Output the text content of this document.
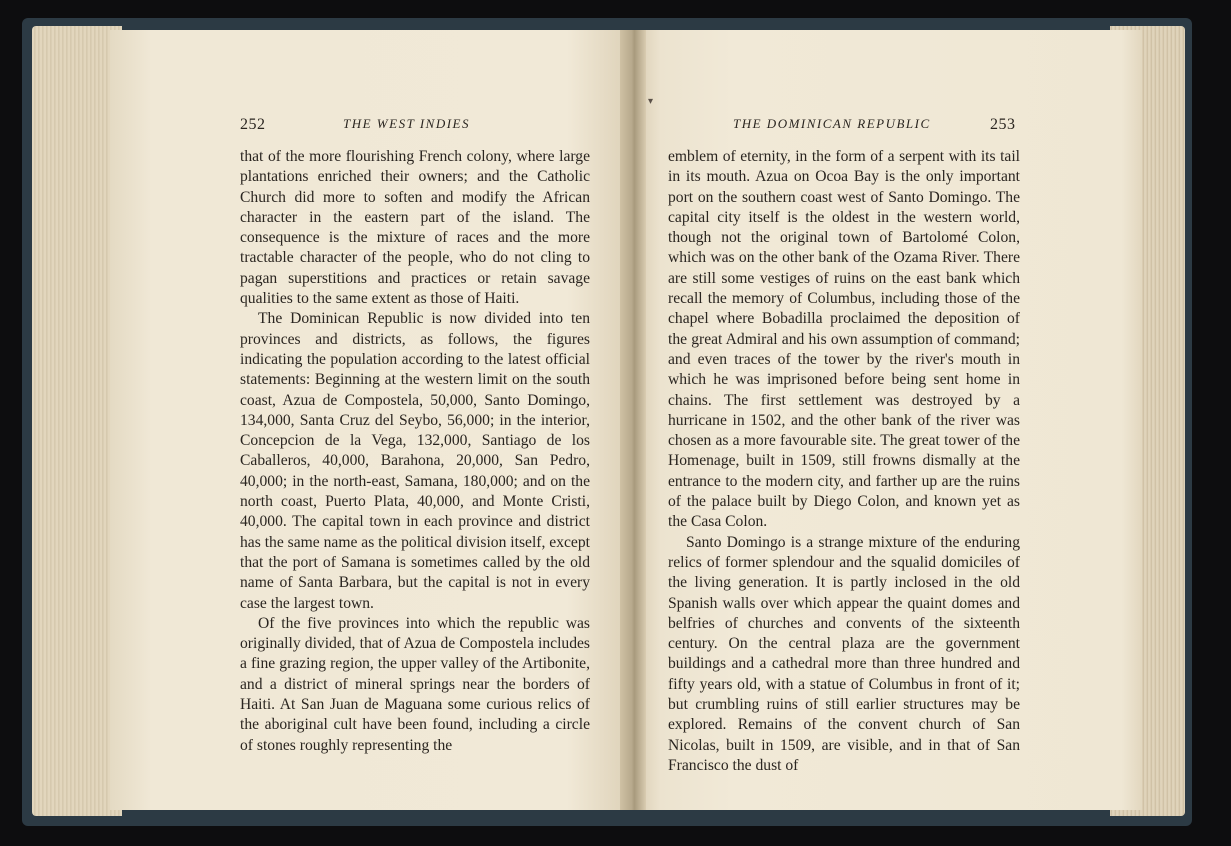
252	THE WEST INDIES	THE DOMINICAN REPUBLIC	253
▾

that of the more flourishing French colony, where large plantations enriched their owners; and the Catholic Church did more to soften and modify the African character in the eastern part of the island. The consequence is the mixture of races and the more tractable character of the people, who do not cling to pagan superstitions and practices or retain savage qualities to the same extent as those of Haiti.

The Dominican Republic is now divided into ten provinces and districts, as follows, the figures indicating the population according to the latest official statements: Beginning at the western limit on the south coast, Azua de Compostela, 50,000, Santo Domingo, 134,000, Santa Cruz del Seybo, 56,000; in the interior, Concepcion de la Vega, 132,000, Santiago de los Caballeros, 40,000, Barahona, 20,000, San Pedro, 40,000; in the north-east, Samana, 180,000; and on the north coast, Puerto Plata, 40,000, and Monte Cristi, 40,000. The capital town in each province and district has the same name as the political division itself, except that the port of Samana is sometimes called by the old name of Santa Barbara, but the capital is not in every case the largest town.

Of the five provinces into which the republic was originally divided, that of Azua de Compostela includes a fine grazing region, the upper valley of the Artibonite, and a district of mineral springs near the borders of Haiti. At San Juan de Maguana some curious relics of the aboriginal cult have been found, including a circle of stones roughly representing the

emblem of eternity, in the form of a serpent with its tail in its mouth. Azua on Ocoa Bay is the only important port on the southern coast west of Santo Domingo. The capital city itself is the oldest in the western world, though not the original town of Bartolomé Colon, which was on the other bank of the Ozama River. There are still some vestiges of ruins on the east bank which recall the memory of Columbus, including those of the chapel where Bobadilla proclaimed the deposition of the great Admiral and his own assumption of command; and even traces of the tower by the river's mouth in which he was imprisoned before being sent home in chains. The first settlement was destroyed by a hurricane in 1502, and the other bank of the river was chosen as a more favourable site. The great tower of the Homenage, built in 1509, still frowns dismally at the entrance to the modern city, and farther up are the ruins of the palace built by Diego Colon, and known yet as the Casa Colon.

Santo Domingo is a strange mixture of the enduring relics of former splendour and the squalid domiciles of the living generation. It is partly inclosed in the old Spanish walls over which appear the quaint domes and belfries of churches and convents of the sixteenth century. On the central plaza are the government buildings and a cathedral more than three hundred and fifty years old, with a statue of Columbus in front of it; but crumbling ruins of still earlier structures may be explored. Remains of the convent church of San Nicolas, built in 1509, are visible, and in that of San Francisco the dust of
